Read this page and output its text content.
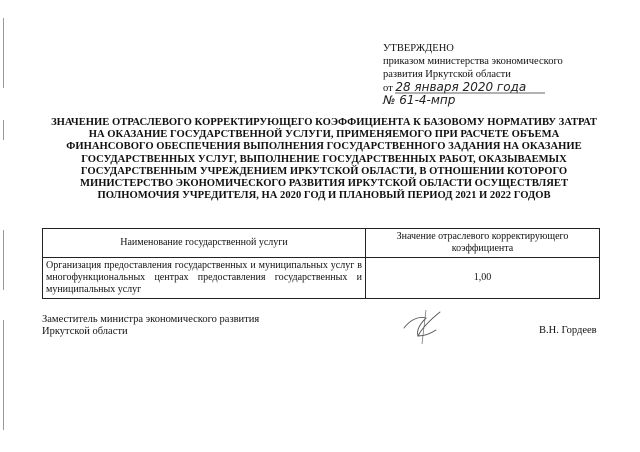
УТВЕРЖДЕНО
приказом министерства экономического
развития Иркутской области
от 28 января 2020 года
№ 61-4-мпр
ЗНАЧЕНИЕ ОТРАСЛЕВОГО КОРРЕКТИРУЮЩЕГО КОЭФФИЦИЕНТА К БАЗОВОМУ НОРМАТИВУ ЗАТРАТ НА ОКАЗАНИЕ ГОСУДАРСТВЕННОЙ УСЛУГИ, ПРИМЕНЯЕМОГО ПРИ РАСЧЕТЕ ОБЪЕМА ФИНАНСОВОГО ОБЕСПЕЧЕНИЯ ВЫПОЛНЕНИЯ ГОСУДАРСТВЕННОГО ЗАДАНИЯ НА ОКАЗАНИЕ ГОСУДАРСТВЕННЫХ УСЛУГ, ВЫПОЛНЕНИЕ ГОСУДАРСТВЕННЫХ РАБОТ, ОКАЗЫВАЕМЫХ ГОСУДАРСТВЕННЫМ УЧРЕЖДЕНИЕМ ИРКУТСКОЙ ОБЛАСТИ, В ОТНОШЕНИИ КОТОРОГО МИНИСТЕРСТВО ЭКОНОМИЧЕСКОГО РАЗВИТИЯ ИРКУТСКОЙ ОБЛАСТИ ОСУЩЕСТВЛЯЕТ ПОЛНОМОЧИЯ УЧРЕДИТЕЛЯ, НА 2020 ГОД И ПЛАНОВЫЙ ПЕРИОД 2021 И 2022 ГОДОВ
Наименование государственной услуги	Значение отраслевого корректирующего коэффициента
Организация предоставления государственных и муниципальных услуг в многофункциональных центрах предоставления государственных и муниципальных услуг	1,00
Заместитель министра экономического развития
Иркутской области	В.Н. Гордеев
